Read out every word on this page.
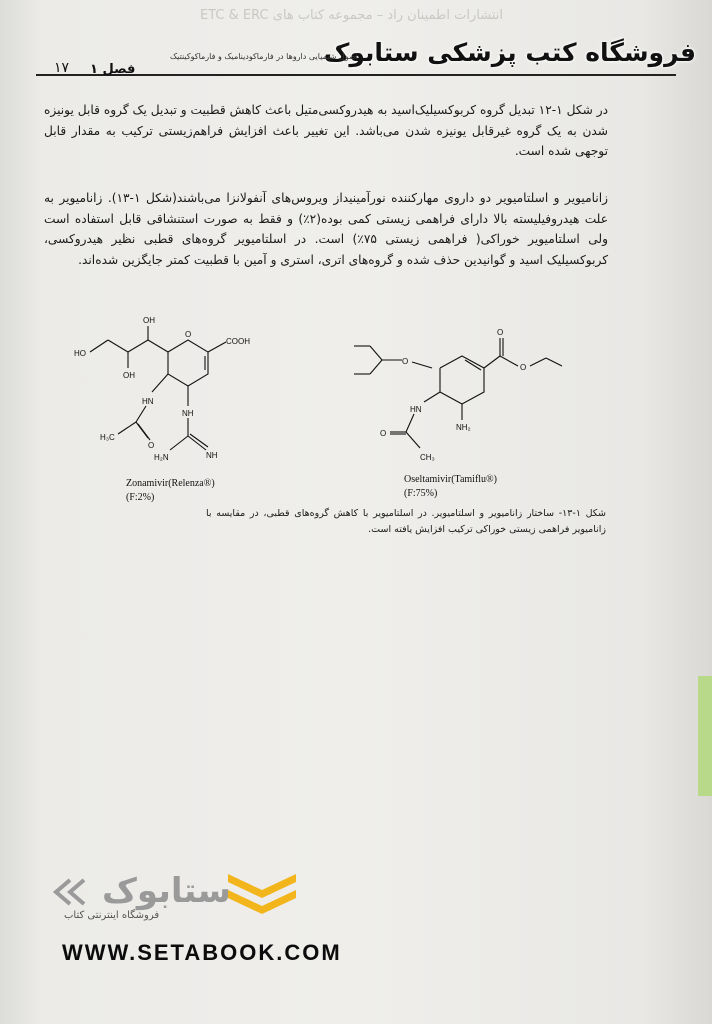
انتشارات اطمینان راد – مجموعه کتاب های ETC & ERC
فروشگاه کتب پزشکی ستابوک
اصول شیمیایی داروها در فارماکودینامیک و فارماکوکینتیک
فصل ۱
۱۷
در شکل ۱-۱۲ تبدیل گروه کربوکسیلیک‌اسید به هیدروکسی‌متیل باعث کاهش قطبیت و تبدیل یک گروه قابل یونیزه شدن به یک گروه غیرقابل یونیزه شدن می‌باشد. این تغییر باعث افزایش فراهم‌زیستی ترکیب به مقدار قابل توجهی شده است.
زانامیویر و اسلتامیویر دو داروی مهارکننده نورآمینیداز ویروس‌های آنفولانزا می‌باشند(شکل ۱-۱۳). زانامیویر به علت هیدروفیلیسته بالا دارای فراهمی زیستی کمی بوده(۲٪) و فقط به صورت استنشاقی قابل استفاده است ولی اسلتامیویر خوراکی( فراهمی زیستی ۷۵٪) است. در اسلتامیویر گروه‌های قطبی نظیر هیدروکسی، کربوکسیلیک اسید و گوانیدین حذف شده و گروه‌های اتری، استری و آمین با قطبیت کمتر جایگزین شده‌اند.
OH
HO
OH
O
COOH
HN
NH
O
H₃C
H₂N	NH
Zonamivir(Relenza®)
(F:2%)
O
O
O
HN
NH₂
O
CH₃
Oseltamivir(Tamiflu®)
(F:75%)
شکل ۱-۱۳- ساختار زانامیویر و اسلتامیویر. در اسلتامیویر با کاهش گروه‌های قطبی، در مقایسه با زانامیویر فراهمی زیستی خوراکی ترکیب افزایش یافته است.
ستابوک
فروشگاه اینترنتی کتاب
WWW.SETABOOK.COM
